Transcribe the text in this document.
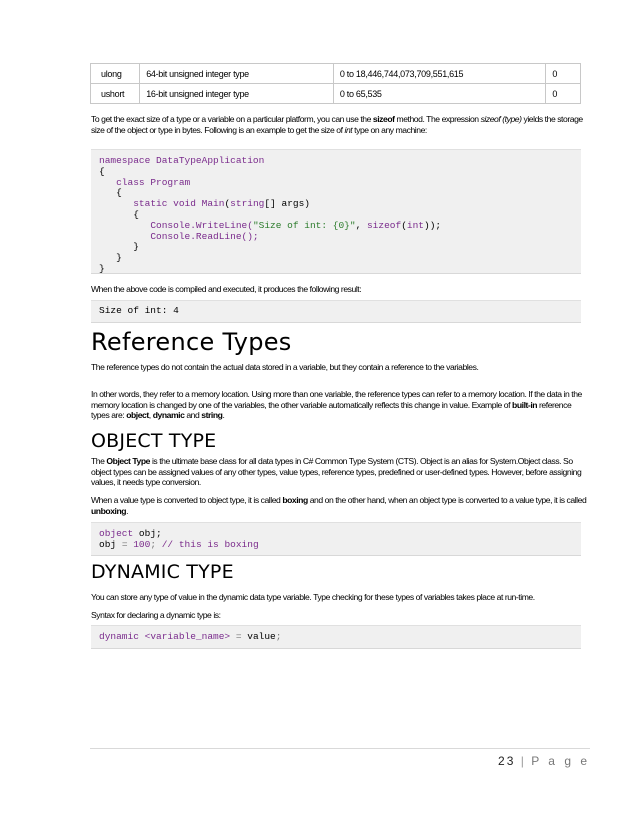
ulong	64-bit unsigned integer type	0 to 18,446,744,073,709,551,615	0
ushort	16-bit unsigned integer type	0 to 65,535	0

To get the exact size of a type or a variable on a particular platform, you can use the sizeof method. The expression sizeof (type) yields the storage size of the object or type in bytes. Following is an example to get the size of int type on any machine:

namespace DataTypeApplication
{
class Program
{
static void Main(string[] args)
{
Console.WriteLine("Size of int: {0}", sizeof(int));
Console.ReadLine();
}
}
}

When the above code is compiled and executed, it produces the following result:

Size of int: 4
Reference Types

The reference types do not contain the actual data stored in a variable, but they contain a reference to the variables.

In other words, they refer to a memory location. Using more than one variable, the reference types can refer to a memory location. If the data in the memory location is changed by one of the variables, the other variable automatically reflects this change in value. Example of built-in reference types are: object, dynamic and string.

OBJECT TYPE

The Object Type is the ultimate base class for all data types in C# Common Type System (CTS). Object is an alias for System.Object class. So object types can be assigned values of any other types, value types, reference types, predefined or user-defined types. However, before assigning values, it needs type conversion.

When a value type is converted to object type, it is called boxing and on the other hand, when an object type is converted to a value type, it is called unboxing.

object obj;
obj = 100; // this is boxing
DYNAMIC TYPE

You can store any type of value in the dynamic data type variable. Type checking for these types of variables takes place at run-time.

Syntax for declaring a dynamic type is:

dynamic <variable_name> = value;
23 | P a g e
